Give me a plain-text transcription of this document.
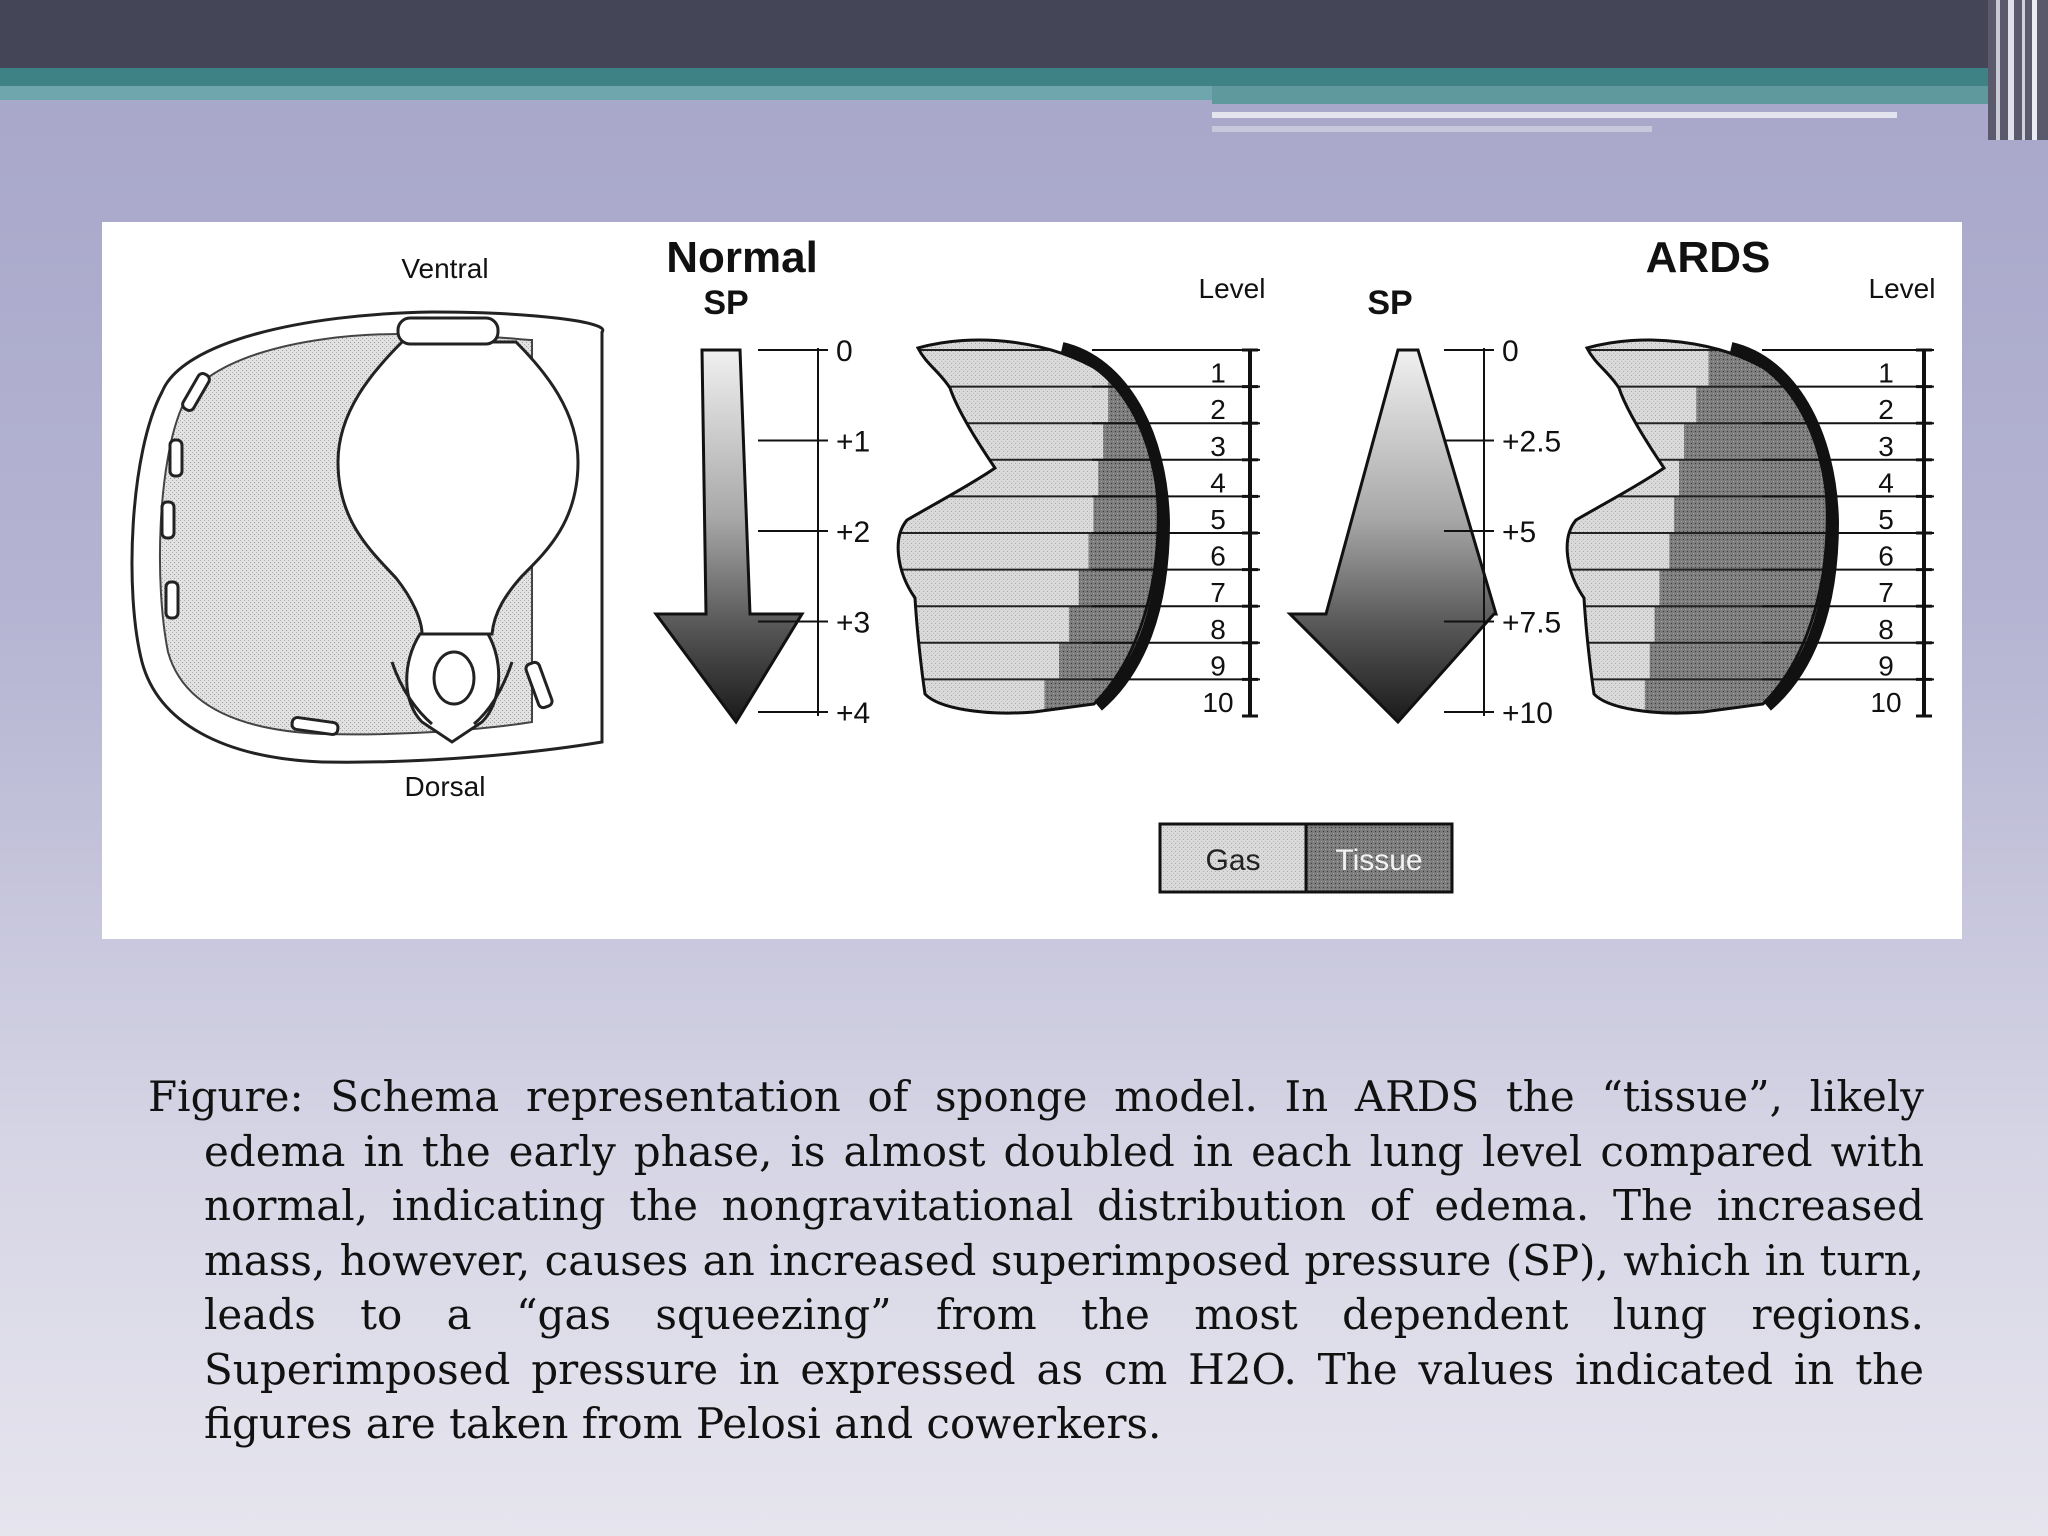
Ventral
Dorsal
Normal	ARDS
SP	SP
Level	Level
0
+1
+2
+3
+4
0
+2.5
+5
+7.5
+10
1
2
3
4
5
6
7
8
9
10
1
2
3
4
5
6
7
8
9
10
Gas Tissue
Figure: Schema representation of sponge model. In ARDS the “tissue”, likely edema in the early phase, is almost doubled in each lung level compared with normal, indicating the nongravitational distribution of edema. The increased mass, however, causes an increased superimposed pressure (SP), which in turn, leads to a “gas squeezing” from the most dependent lung regions. Superimposed pressure in expressed as cm H2O. The values indicated in the figures are taken from Pelosi and cowerkers.
